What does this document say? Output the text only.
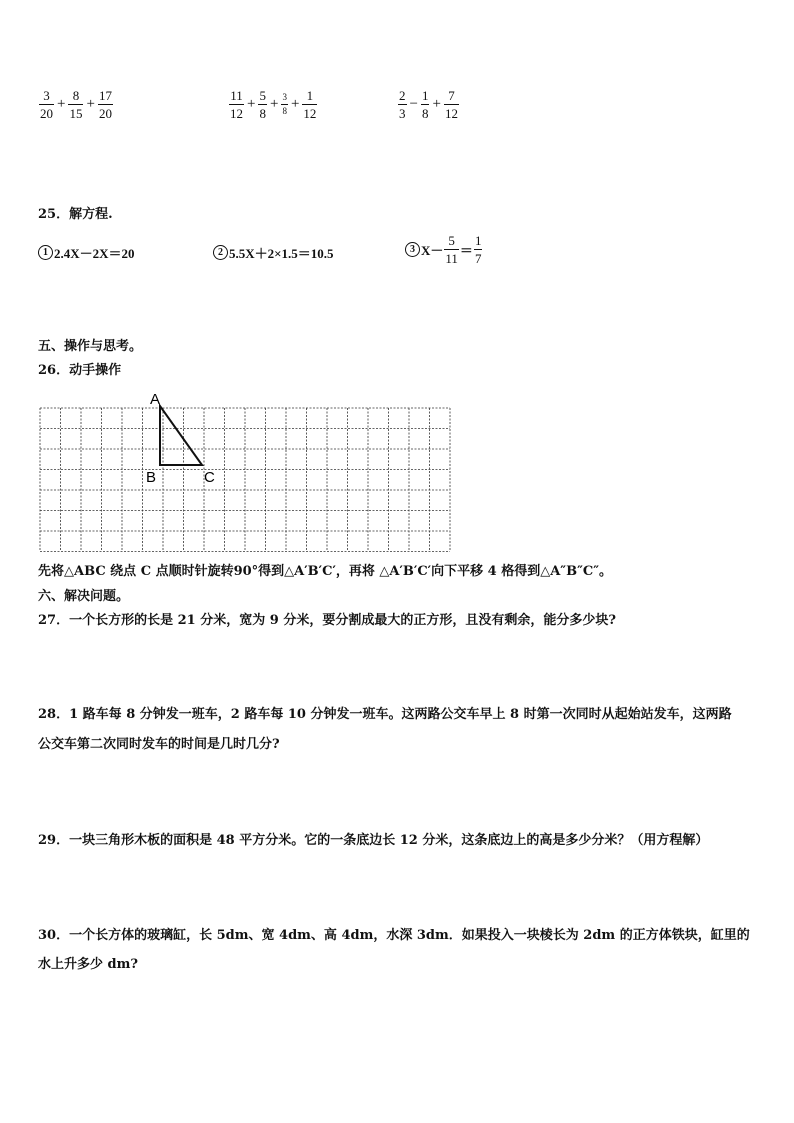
$\frac{3}{20} + \frac{8}{15} + \frac{17}{20}$	$\frac{11}{12} + \frac{5}{8} + \frac{3}{8} + \frac{1}{12}$	$\frac{2}{3} - \frac{1}{8} + \frac{7}{12}$
25．解方程.
1 2.4X－2X＝20	2 5.5X＋2×1.5＝10.5	3 $X- \frac{5}{11} = \frac{1}{7}$
五、操作与思考。
26．动手操作
A
B	C
先将△ABC 绕点 C 点顺时针旋转90°得到△A′B′C′，再将 △A′B′C′向下平移 4 格得到△A″B″C″。
六、解决问题。
27．一个长方形的长是 21 分米，宽为 9 分米，要分割成最大的正方形，且没有剩余，能分多少块?
28．1 路车每 8 分钟发一班车，2 路车每 10 分钟发一班车。这两路公交车早上 8 时第一次同时从起始站发车，这两路
公交车第二次同时发车的时间是几时几分?
29．一块三角形木板的面积是 48 平方分米。它的一条底边长 12 分米，这条底边上的高是多少分米？（用方程解）
30．一个长方体的玻璃缸，长 5dm、宽 4dm、高 4dm，水深 3dm．如果投入一块棱长为 2dm 的正方体铁块，缸里的
水上升多少 dm?
